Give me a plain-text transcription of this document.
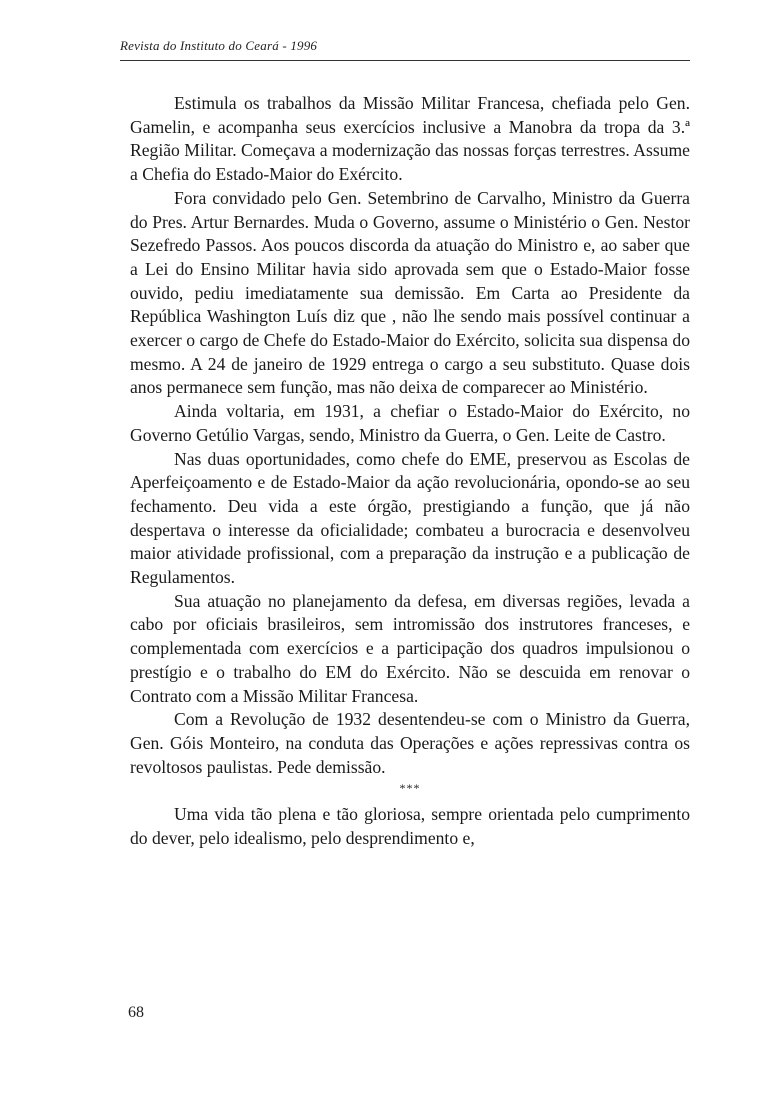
Revista do Instituto do Ceará - 1996

Estimula os trabalhos da Missão Militar Francesa, chefiada pelo Gen. Gamelin, e acompanha seus exercícios inclusive a Manobra da tropa da 3.ª Região Militar. Começava a modernização das nossas forças terrestres. Assume a Chefia do Estado-Maior do Exército.

Fora convidado pelo Gen. Setembrino de Carvalho, Ministro da Guerra do Pres. Artur Bernardes. Muda o Governo, assume o Ministério o Gen. Nestor Sezefredo Passos. Aos poucos discorda da atuação do Ministro e, ao saber que a Lei do Ensino Militar havia sido aprovada sem que o Estado-Maior fosse ouvido, pediu imediatamente sua demissão. Em Carta ao Presidente da República Washington Luís diz que , não lhe sendo mais possível continuar a exercer o cargo de Chefe do Estado-Maior do Exército, solicita sua dispensa do mesmo. A 24 de janeiro de 1929 entrega o cargo a seu substituto. Quase dois anos permanece sem função, mas não deixa de comparecer ao Ministério.

Ainda voltaria, em 1931, a chefiar o Estado-Maior do Exército, no Governo Getúlio Vargas, sendo, Ministro da Guerra, o Gen. Leite de Castro.

Nas duas oportunidades, como chefe do EME, preservou as Escolas de Aperfeiçoamento e de Estado-Maior da ação revolucionária, opondo-se ao seu fechamento. Deu vida a este órgão, prestigiando a função, que já não despertava o interesse da oficialidade; combateu a burocracia e desenvolveu maior atividade profissional, com a preparação da instrução e a publicação de Regulamentos.

Sua atuação no planejamento da defesa, em diversas regiões, levada a cabo por oficiais brasileiros, sem intromissão dos instrutores franceses, e complementada com exercícios e a participação dos quadros impulsionou o prestígio e o trabalho do EM do Exército. Não se descuida em renovar o Contrato com a Missão Militar Francesa.

Com a Revolução de 1932 desentendeu-se com o Ministro da Guerra, Gen. Góis Monteiro, na conduta das Operações e ações repressivas contra os revoltosos paulistas. Pede demissão.

***

Uma vida tão plena e tão gloriosa, sempre orientada pelo cumprimento do dever, pelo idealismo, pelo desprendimento e,

68
